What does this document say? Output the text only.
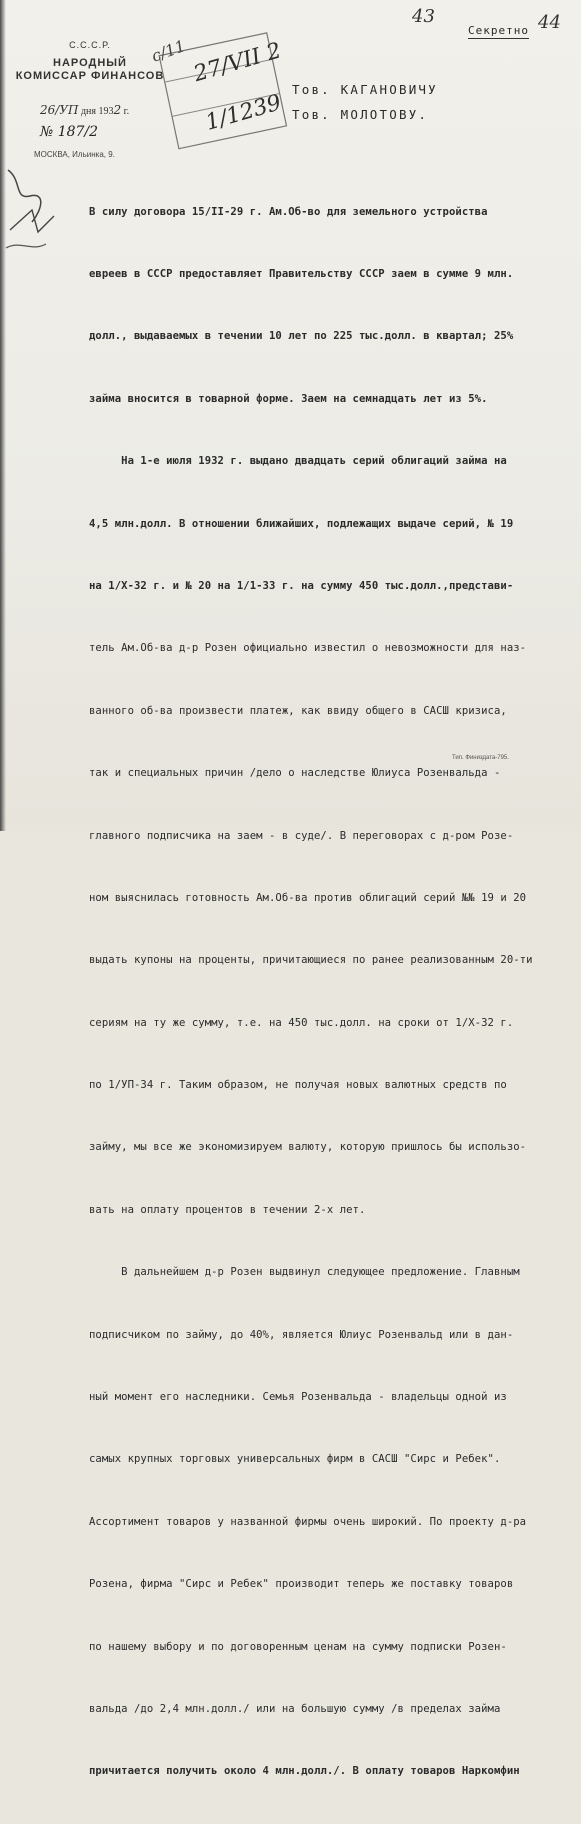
С.С.С.Р.
НАРОДНЫЙ
КОМИССАР ФИНАНСОВ
26/УП дня 1932 г.
№ 187/2
МОСКВА, Ильинка, 9.
43	44
Секретно
27/VII 2
1/1239
с/11
Тов. КАГАНОВИЧУ
Тов. МОЛОТОВУ.

В силу договора 15/II-29 г. Ам.Об-во для земельного устройства

евреев в СССР предоставляет Правительству СССР заем в сумме 9 млн.

долл., выдаваемых в течении 10 лет по 225 тыс.долл. в квартал; 25%

займа вносится в товарной форме. Заем на семнадцать лет из 5%.

На 1-е июля 1932 г. выдано двадцать серий облигаций займа на

4,5 млн.долл. В отношении ближайших, подлежащих выдаче серий, № 19

на 1/Х-32 г. и № 20 на 1/1-33 г. на сумму 450 тыс.долл.,представи-

тель Ам.Об-ва д-р Розен официально известил о невозможности для наз-

ванного об-ва произвести платеж, как ввиду общего в САСШ кризиса,

так и специальных причин /дело о наследстве Юлиуса Розенвальда -

главного подписчика на заем - в суде/. В переговорах с д-ром Розе-

ном выяснилась готовность Ам.Об-ва против облигаций серий №№ 19 и 20

выдать купоны на проценты, причитающиеся по ранее реализованным 20-ти

сериям на ту же сумму, т.е. на 450 тыс.долл. на сроки от 1/Х-32 г.

по 1/УП-34 г. Таким образом, не получая новых валютных средств по

займу, мы все же экономизируем валюту, которую пришлось бы использо-

вать на оплату процентов в течении 2-х лет.

В дальнейшем д-р Розен выдвинул следующее предложение. Главным

подписчиком по займу, до 40%, является Юлиус Розенвальд или в дан-

ный момент его наследники. Семья Розенвальда - владельцы одной из

самых крупных торговых универсальных фирм в САСШ "Сирс и Ребек".

Ассортимент товаров у названной фирмы очень широкий. По проекту д-ра

Розена, фирма "Сирс и Ребек" производит теперь же поставку товаров

по нашему выбору и по договоренным ценам на сумму подписки Розен-

вальда /до 2,4 млн.долл./ или на большую сумму /в пределах займа

причитается получить около 4 млн.долл./. В оплату товаров Наркомфин

Тип. Финиздата-795.
